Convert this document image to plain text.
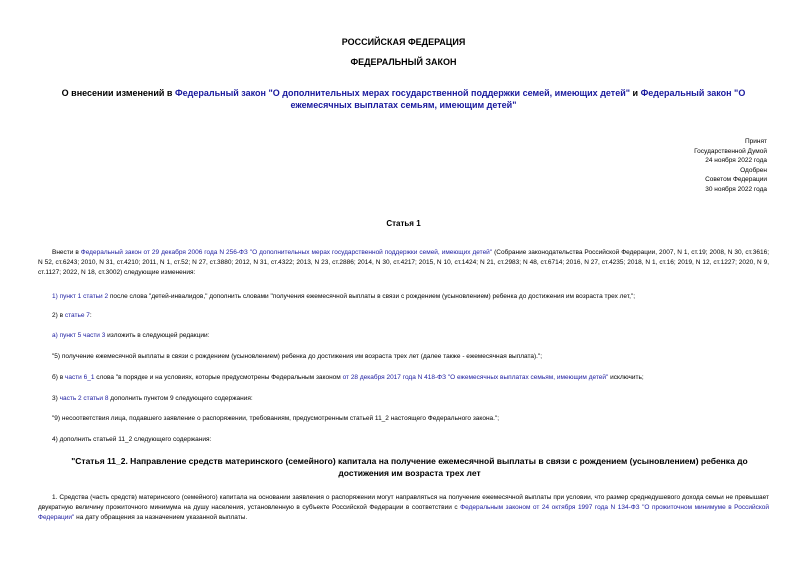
РОССИЙСКАЯ ФЕДЕРАЦИЯ
ФЕДЕРАЛЬНЫЙ ЗАКОН
О внесении изменений в Федеральный закон "О дополнительных мерах государственной поддержки семей, имеющих детей" и Федеральный закон "О ежемесячных выплатах семьям, имеющим детей"
Принят
Государственной Думой
24 ноября 2022 года
Одобрен
Советом Федерации
30 ноября 2022 года
Статья 1
Внести в Федеральный закон от 29 декабря 2006 года N 256-ФЗ "О дополнительных мерах государственной поддержки семей, имеющих детей" (Собрание законодательства Российской Федерации, 2007, N 1, ст.19; 2008, N 30, ст.3616; N 52, ст.6243; 2010, N 31, ст.4210; 2011, N 1, ст.52; N 27, ст.3880; 2012, N 31, ст.4322; 2013, N 23, ст.2886; 2014, N 30, ст.4217; 2015, N 10, ст.1424; N 21, ст.2983; N 48, ст.6714; 2016, N 27, ст.4235; 2018, N 1, ст.16; 2019, N 12, ст.1227; 2020, N 9, ст.1127; 2022, N 18, ст.3002) следующие изменения:
1) пункт 1 статьи 2 после слова "детей-инвалидов," дополнить словами "получения ежемесячной выплаты в связи с рождением (усыновлением) ребенка до достижения им возраста трех лет,";
2) в статье 7:
а) пункт 5 части 3 изложить в следующей редакции:
"5) получение ежемесячной выплаты в связи с рождением (усыновлением) ребенка до достижения им возраста трех лет (далее также - ежемесячная выплата).";
б) в части 6_1 слова "в порядке и на условиях, которые предусмотрены Федеральным законом от 28 декабря 2017 года N 418-ФЗ "О ежемесячных выплатах семьям, имеющим детей" исключить;
3) часть 2 статьи 8 дополнить пунктом 9 следующего содержания:
"9) несоответствия лица, подавшего заявление о распоряжении, требованиям, предусмотренным статьей 11_2 настоящего Федерального закона.";
4) дополнить статьей 11_2 следующего содержания:
"Статья 11_2. Направление средств материнского (семейного) капитала на получение ежемесячной выплаты в связи с рождением (усыновлением) ребенка до достижения им возраста трех лет
1. Средства (часть средств) материнского (семейного) капитала на основании заявления о распоряжении могут направляться на получение ежемесячной выплаты при условии, что размер среднедушевого дохода семьи не превышает двукратную величину прожиточного минимума на душу населения, установленную в субъекте Российской Федерации в соответствии с Федеральным законом от 24 октября 1997 года N 134-ФЗ "О прожиточном минимуме в Российской Федерации" на дату обращения за назначением указанной выплаты.
